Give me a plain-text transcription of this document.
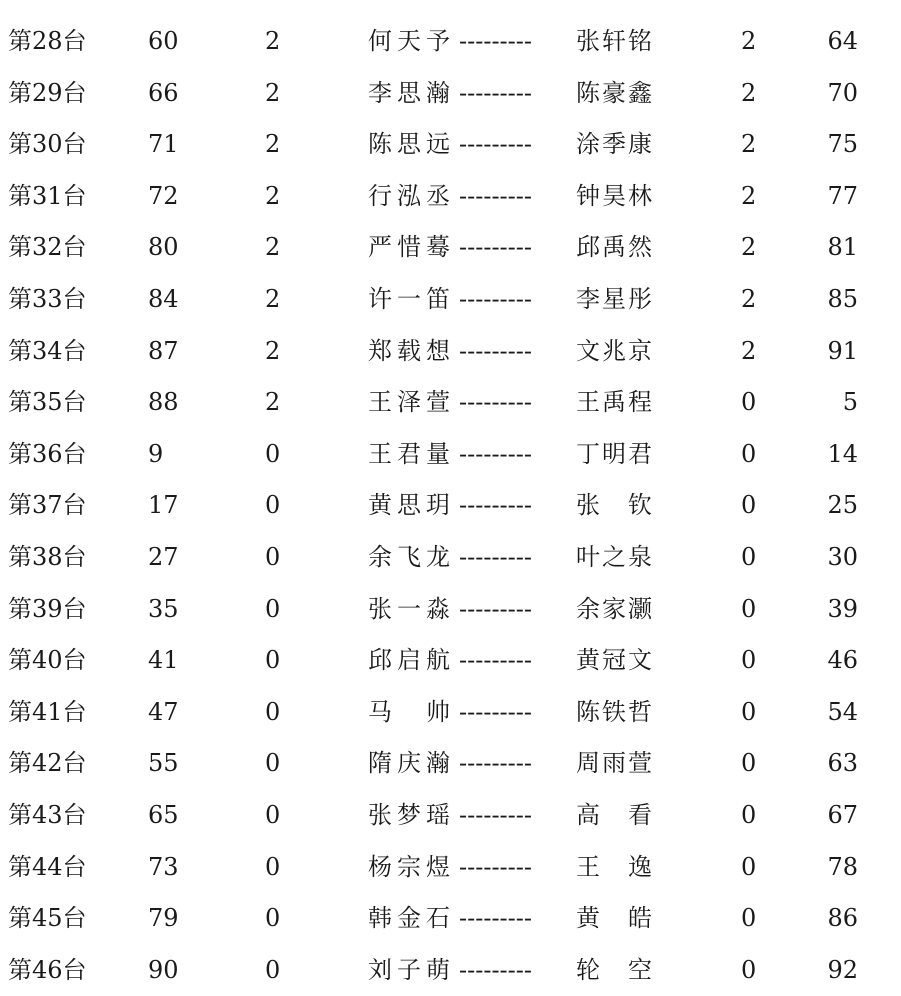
第28台	60	2	何天予 --------- 张轩铭	2	64
第29台	66	2	李思瀚 --------- 陈豪鑫	2	70
第30台	71	2	陈思远 --------- 涂季康	2	75
第31台	72	2	行泓丞 --------- 钟昊林	2	77
第32台	80	2	严惜蓦 --------- 邱禹然	2	81
第33台	84	2	许一笛 --------- 李星彤	2	85
第34台	87	2	郑载想 --------- 文兆京	2	91
第35台	88	2	王泽萱 --------- 王禹程	0	5
第36台	9	0	王君量 --------- 丁明君	0	14
第37台	17	0	黄思玥 --------- 张　钦	0	25
第38台	27	0	余飞龙 --------- 叶之泉	0	30
第39台	35	0	张一淼 --------- 余家灏	0	39
第40台	41	0	邱启航 --------- 黄冠文	0	46
第41台	47	0	马　帅 --------- 陈铁哲	0	54
第42台	55	0	隋庆瀚 --------- 周雨萱	0	63
第43台	65	0	张梦瑶 --------- 高　看	0	67
第44台	73	0	杨宗煜 --------- 王　逸	0	78
第45台	79	0	韩金石 --------- 黄　皓	0	86
第46台	90	0	刘子萌 --------- 轮　空	0	92
